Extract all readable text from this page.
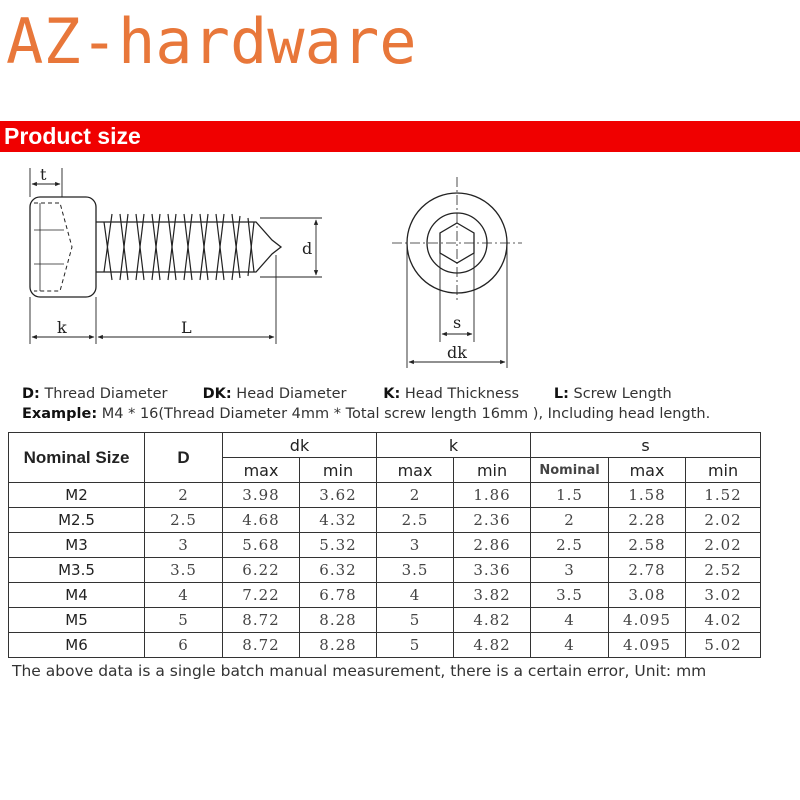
AZ-hardware
Product size
t
d
k	L	s
dk
D: Thread Diameter DK: Head Diameter	K: Head Thickness L: Screw Length
Example: M4 * 16(Thread Diameter 4mm * Total screw length 16mm ), Including head length.
Nominal Size	D	dk		k		s		
		max	min	max	min	Nominal	max	min
M2	2	3.98	3.62	2	1.86	1.5	1.58	1.52
M2.5	2.5	4.68	4.32	2.5	2.36	2	2.28	2.02
M3	3	5.68	5.32	3	2.86	2.5	2.58	2.02
M3.5	3.5	6.22	6.32	3.5	3.36	3	2.78	2.52
M4	4	7.22	6.78	4	3.82	3.5	3.08	3.02
M5	5	8.72	8.28	5	4.82	4	4.095	4.02
M6	6	8.72	8.28	5	4.82	4	4.095	5.02
The above data is a single batch manual measurement, there is a certain error, Unit: mm
